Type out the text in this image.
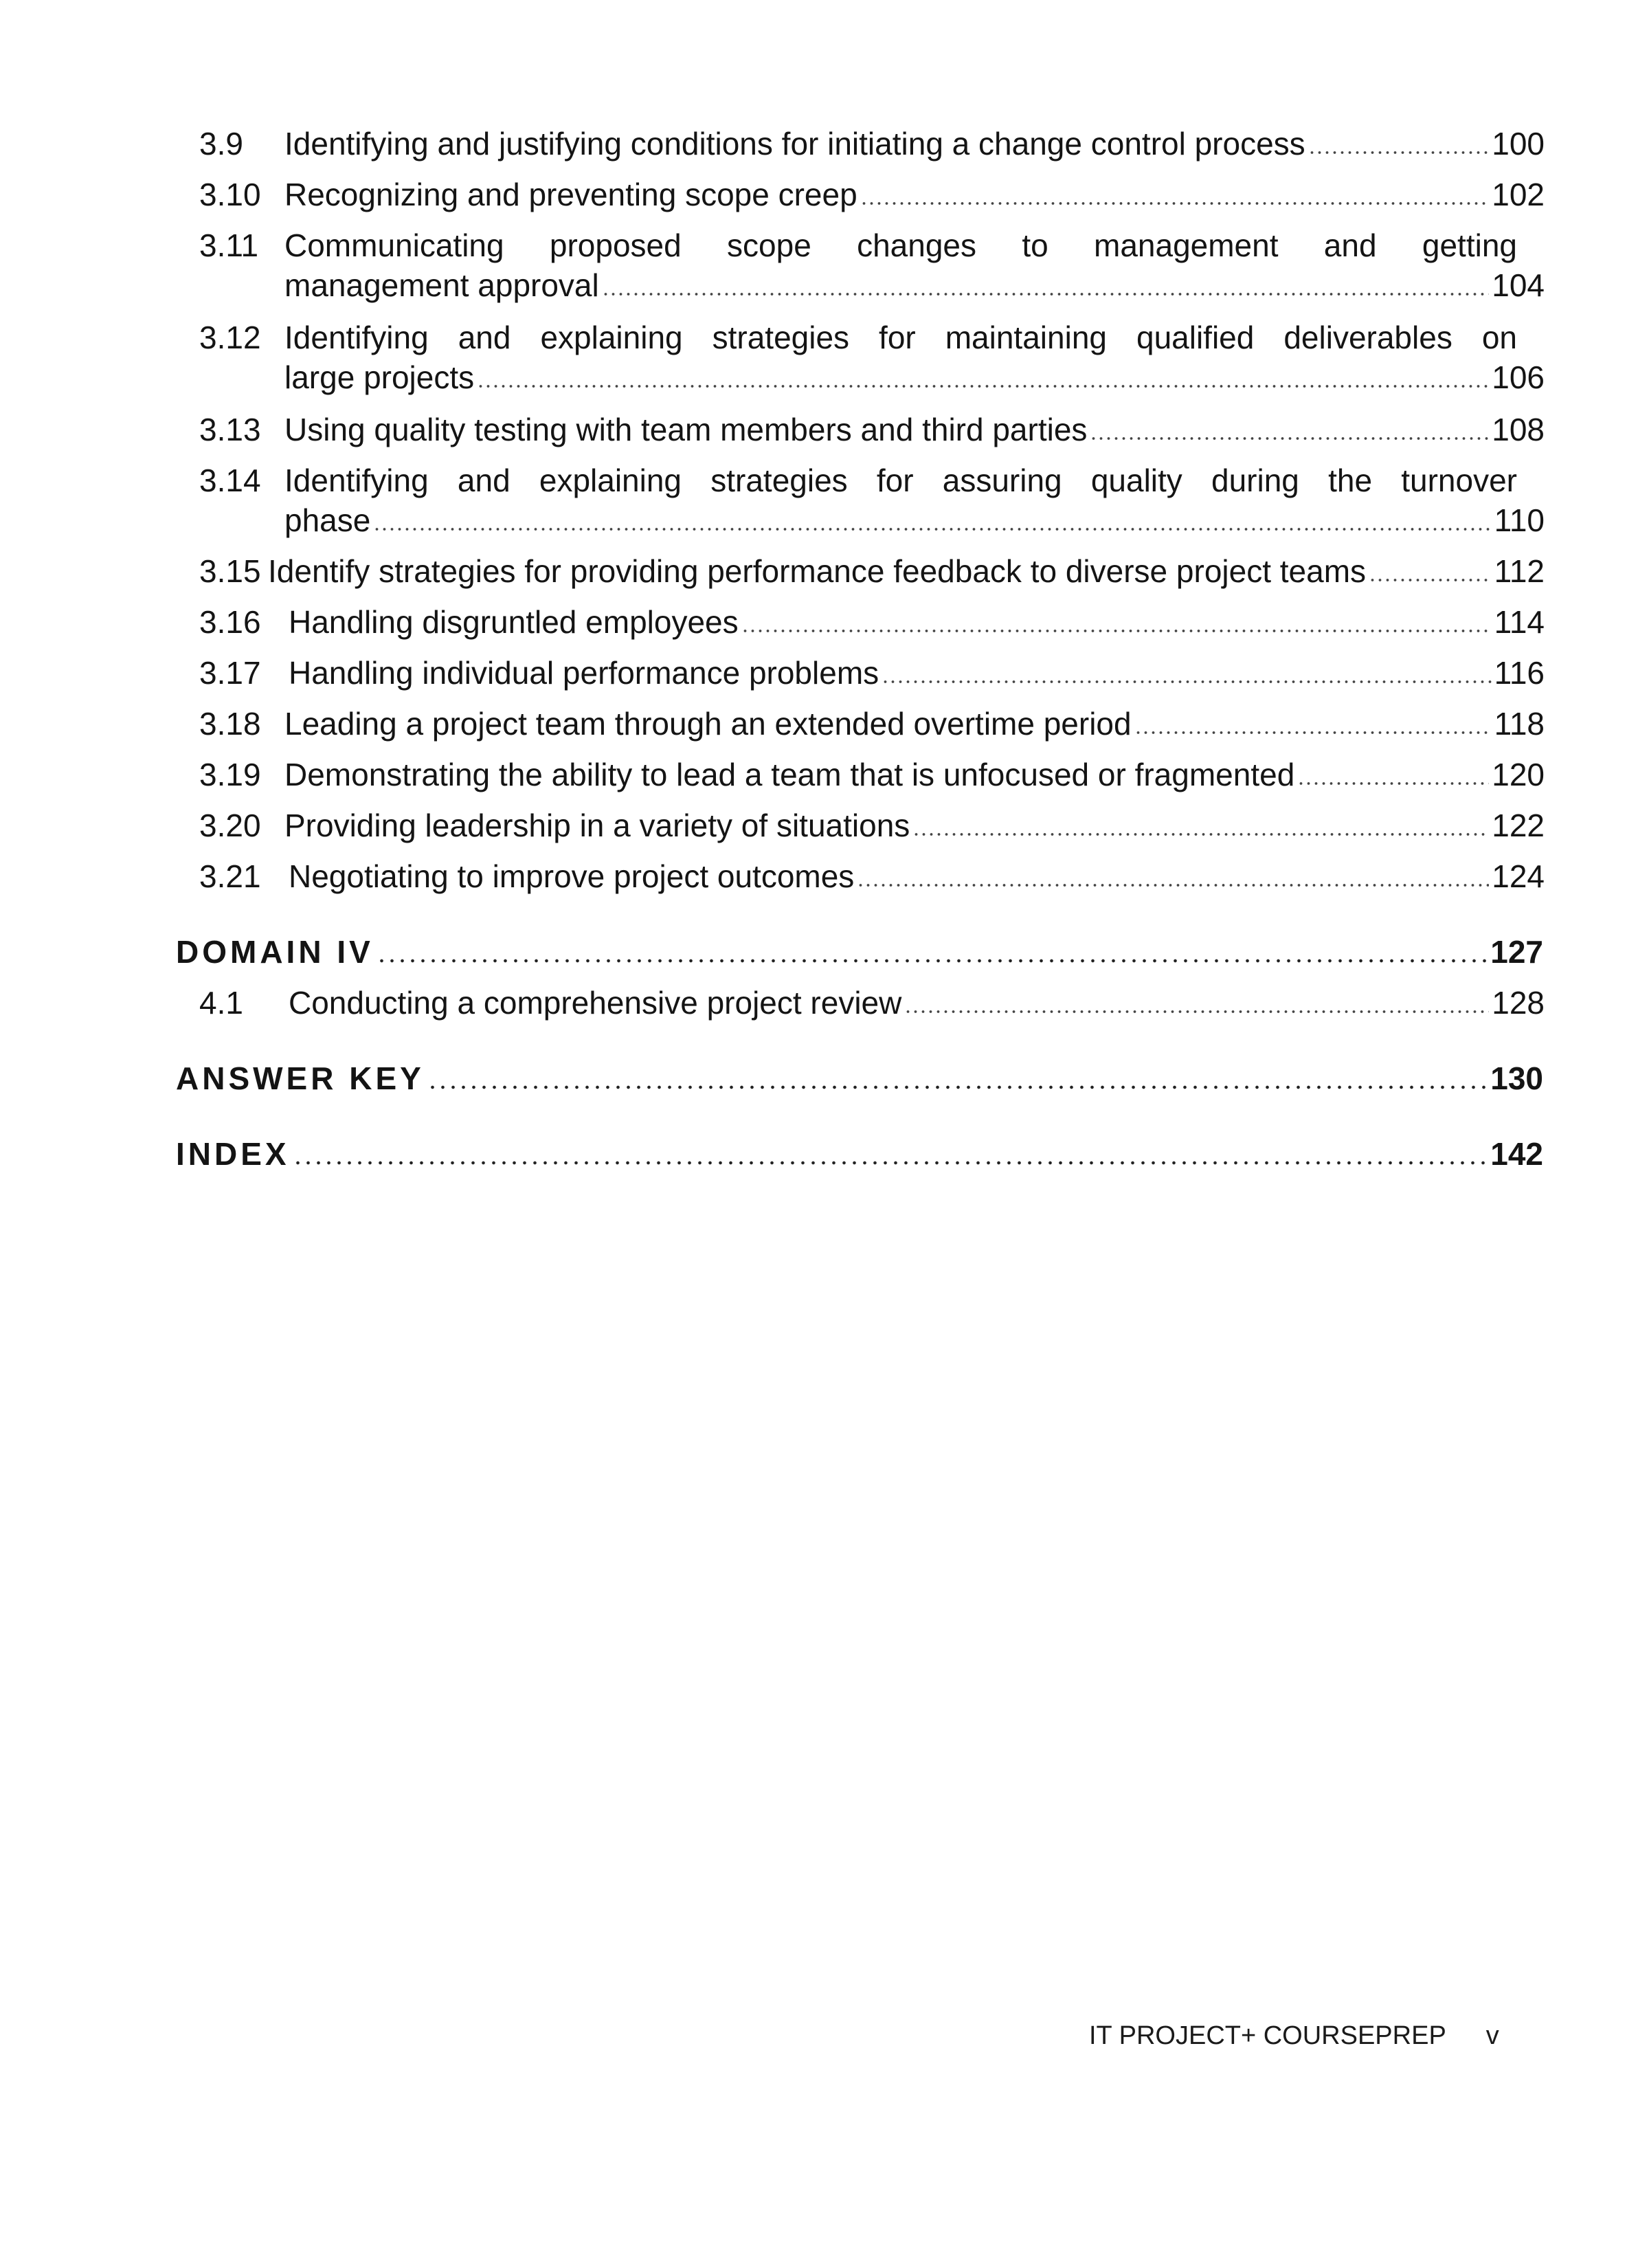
3.9	Identifying and justifying conditions for initiating a change control process	100
3.10 Recognizing and preventing scope creep	102
3.11 Communicating proposed scope changes to management and getting
management approval	104
3.12 Identifying and explaining strategies for maintaining qualified deliverables on
large projects	106
3.13 Using quality testing with team members and third parties	108
3.14 Identifying and explaining strategies for assuring quality during the turnover
phase	110
3.15 Identify strategies for providing performance feedback to diverse project teams	112
3.16 Handling disgruntled employees	114
3.17 Handling individual performance problems	116
3.18 Leading a project team through an extended overtime period	118
3.19 Demonstrating the ability to lead a team that is unfocused or fragmented	120
3.20 Providing leadership in a variety of situations	122
3.21 Negotiating to improve project outcomes	124
DOMAIN IV	127
4.1	Conducting a comprehensive project review	128
ANSWER KEY	130
INDEX	142
IT PROJECT+ COURSEPREP v
